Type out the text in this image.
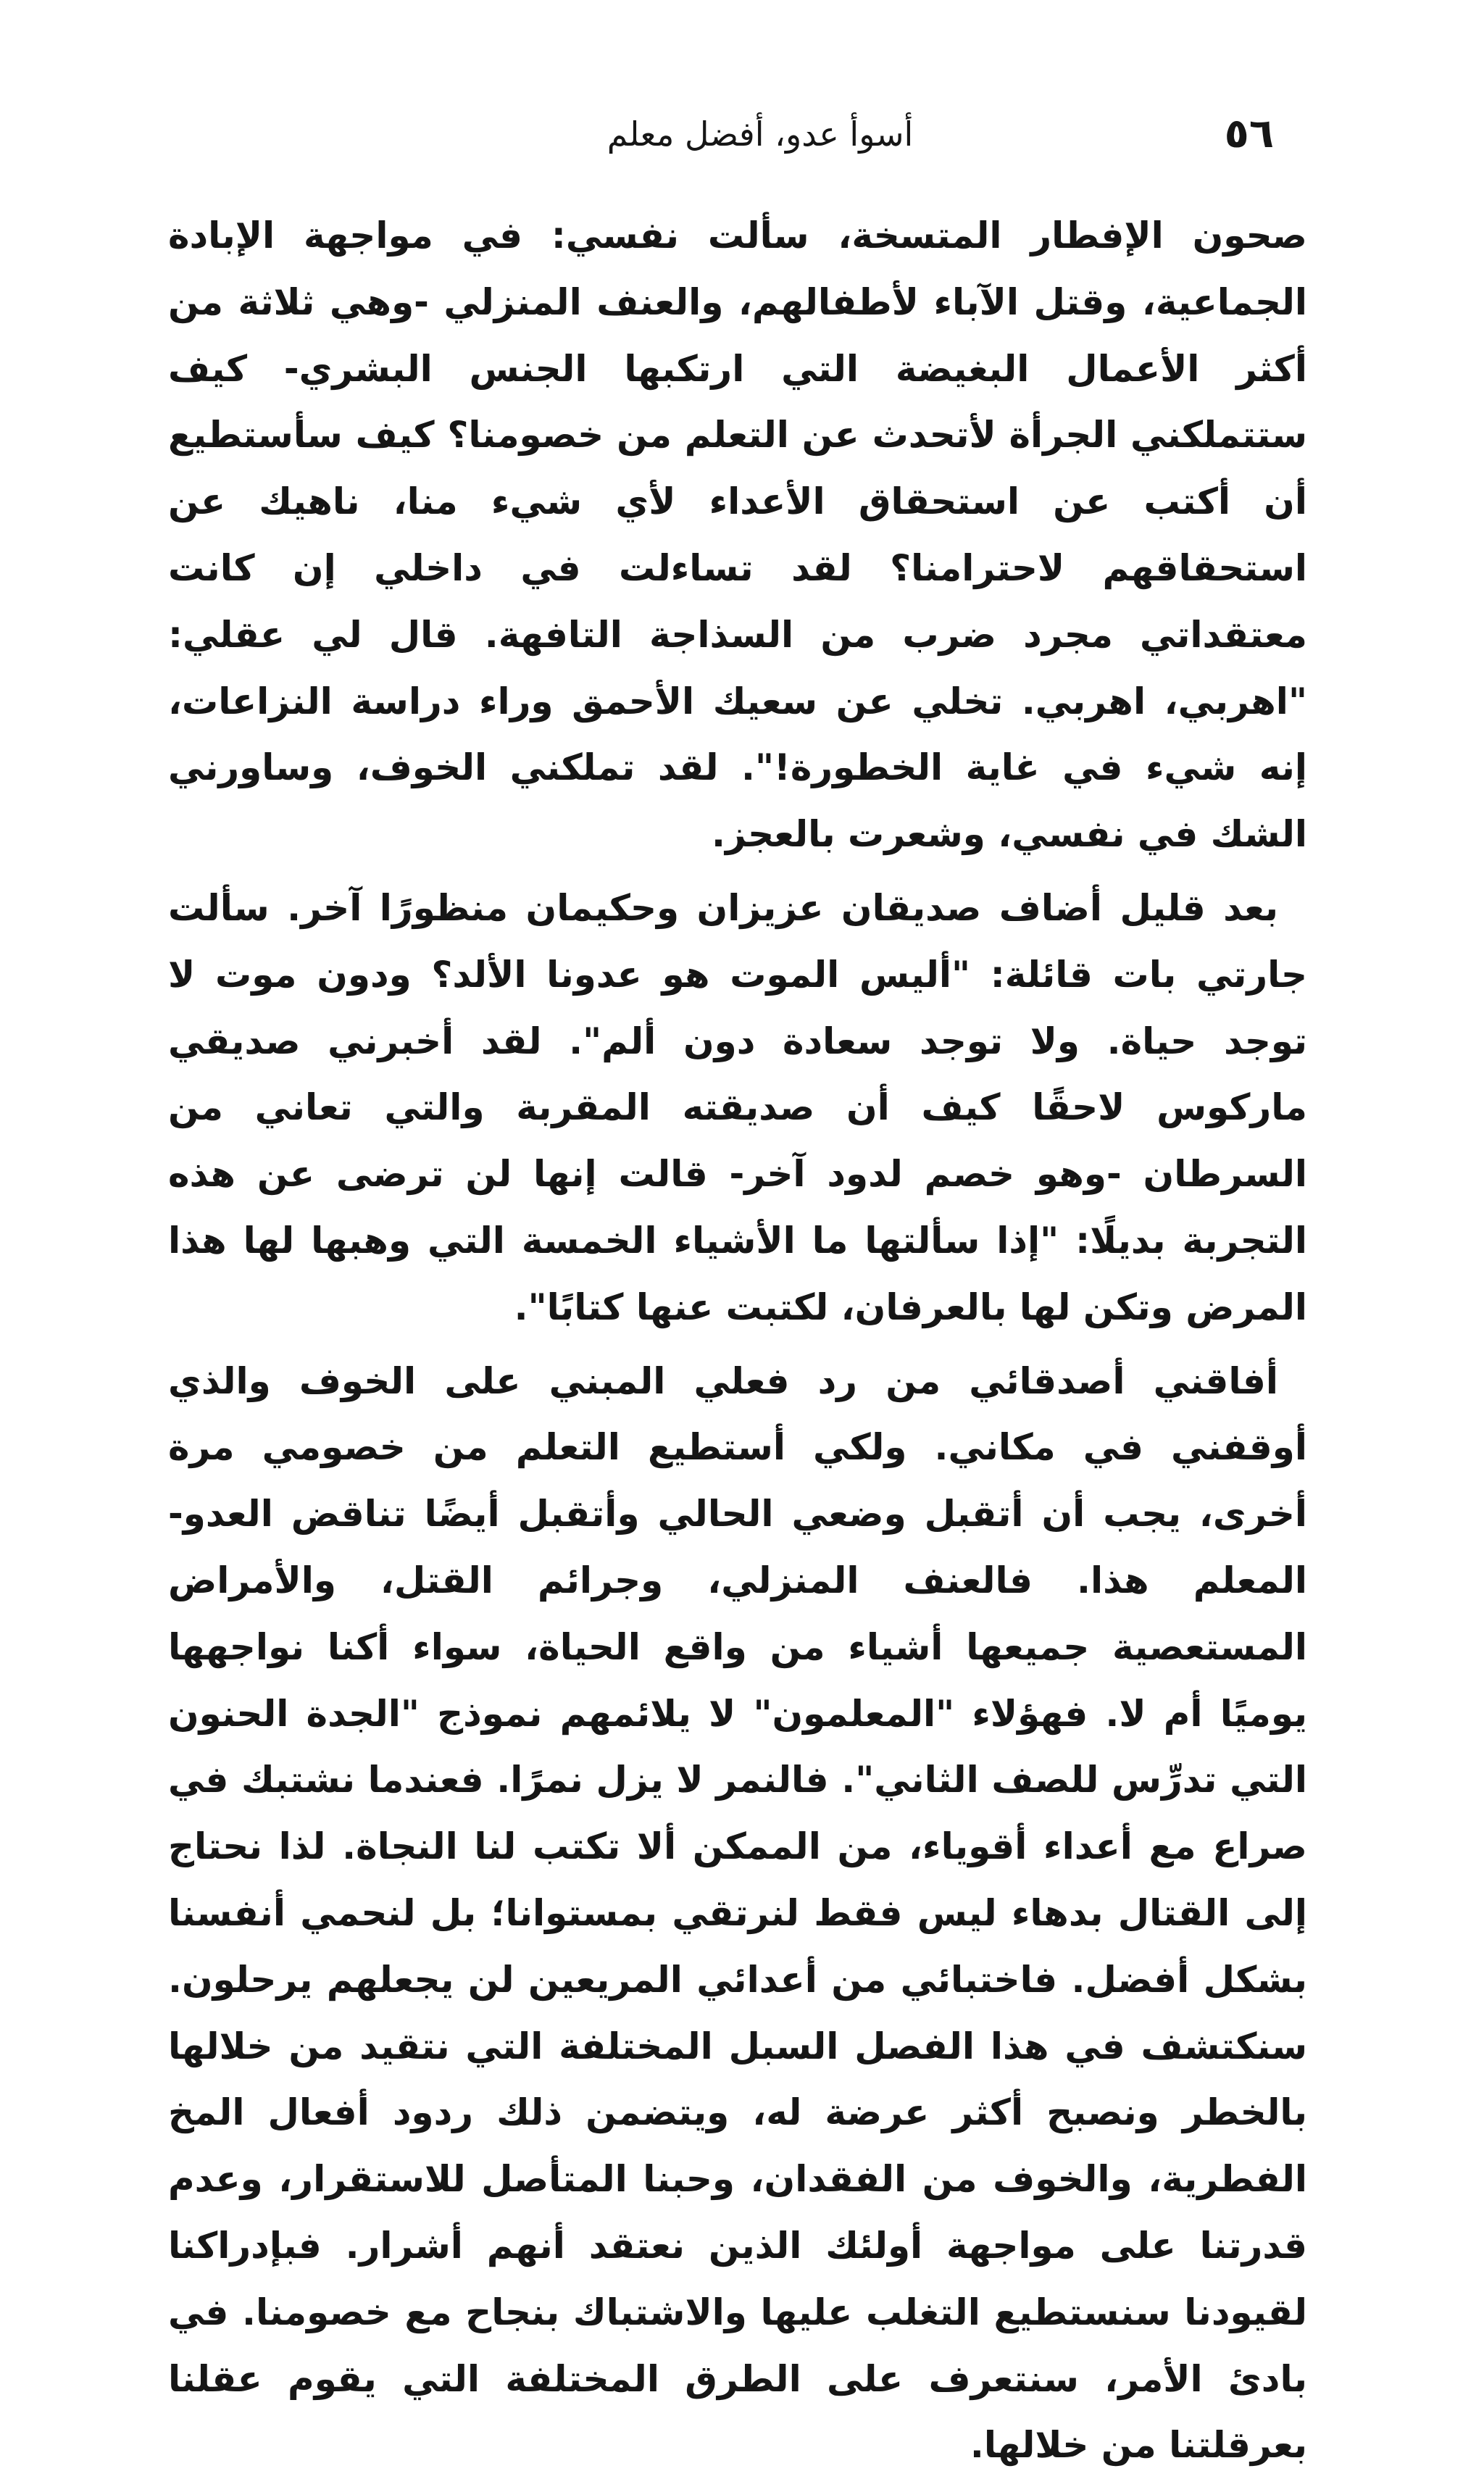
٥٦
أسوأ عدو، أفضل معلم

صحون الإفطار المتسخة، سألت نفسي: في مواجهة الإبادة الجماعية، وقتل الآباء لأطفالهم، والعنف المنزلي -وهي ثلاثة من أكثر الأعمال البغيضة التي ارتكبها الجنس البشري- كيف ستتملكني الجرأة لأتحدث عن التعلم من خصومنا؟ كيف سأستطيع أن أكتب عن استحقاق الأعداء لأي شيء منا، ناهيك عن استحقاقهم لاحترامنا؟ لقد تساءلت في داخلي إن كانت معتقداتي مجرد ضرب من السذاجة التافهة. قال لي عقلي: "اهربي، اهربي. تخلي عن سعيك الأحمق وراء دراسة النزاعات، إنه شيء في غاية الخطورة!". لقد تملكني الخوف، وساورني الشك في نفسي، وشعرت بالعجز.

بعد قليل أضاف صديقان عزيزان وحكيمان منظورًا آخر. سألت جارتي بات قائلة: "أليس الموت هو عدونا الألد؟ ودون موت لا توجد حياة. ولا توجد سعادة دون ألم". لقد أخبرني صديقي ماركوس لاحقًا كيف أن صديقته المقربة والتي تعاني من السرطان -وهو خصم لدود آخر- قالت إنها لن ترضى عن هذه التجربة بديلًا: "إذا سألتها ما الأشياء الخمسة التي وهبها لها هذا المرض وتكن لها بالعرفان، لكتبت عنها كتابًا".

أفاقني أصدقائي من رد فعلي المبني على الخوف والذي أوقفني في مكاني. ولكي أستطيع التعلم من خصومي مرة أخرى، يجب أن أتقبل وضعي الحالي وأتقبل أيضًا تناقض العدو-المعلم هذا. فالعنف المنزلي، وجرائم القتل، والأمراض المستعصية جميعها أشياء من واقع الحياة، سواء أكنا نواجهها يوميًا أم لا. فهؤلاء "المعلمون" لا يلائمهم نموذج "الجدة الحنون التي تدرِّس للصف الثاني". فالنمر لا يزل نمرًا. فعندما نشتبك في صراع مع أعداء أقوياء، من الممكن ألا تكتب لنا النجاة. لذا نحتاج إلى القتال بدهاء ليس فقط لنرتقي بمستوانا؛ بل لنحمي أنفسنا بشكل أفضل. فاختبائي من أعدائي المريعين لن يجعلهم يرحلون. سنكتشف في هذا الفصل السبل المختلفة التي نتقيد من خلالها بالخطر ونصبح أكثر عرضة له، ويتضمن ذلك ردود أفعال المخ الفطرية، والخوف من الفقدان، وحبنا المتأصل للاستقرار، وعدم قدرتنا على مواجهة أولئك الذين نعتقد أنهم أشرار. فبإدراكنا لقيودنا سنستطيع التغلب عليها والاشتباك بنجاح مع خصومنا. في بادئ الأمر، سنتعرف على الطرق المختلفة التي يقوم عقلنا بعرقلتنا من خلالها.
